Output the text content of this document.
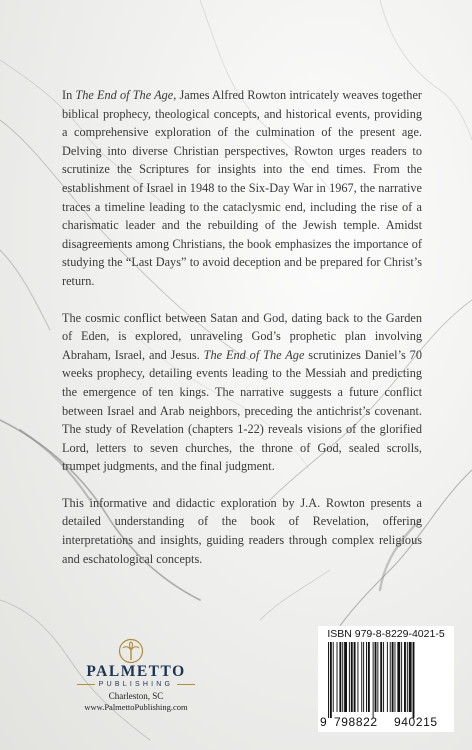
In The End of The Age, James Alfred Rowton intricately weaves together biblical prophecy, theological concepts, and historical events, providing a comprehensive exploration of the culmination of the present age. Delving into diverse Christian perspectives, Rowton urges readers to scrutinize the Scriptures for insights into the end times. From the establishment of Israel in 1948 to the Six-Day War in 1967, the narrative traces a timeline leading to the cataclysmic end, including the rise of a charismatic leader and the rebuilding of the Jewish temple. Amidst disagreements among Christians, the book emphasizes the importance of studying the “Last Days” to avoid deception and be prepared for Christ’s return.

The cosmic conflict between Satan and God, dating back to the Garden of Eden, is explored, unraveling God’s prophetic plan involving Abraham, Israel, and Jesus. The End of The Age scrutinizes Daniel’s 70 weeks prophecy, detailing events leading to the Messiah and predicting the emergence of ten kings. The narrative suggests a future conflict between Israel and Arab neighbors, preceding the antichrist’s covenant. The study of Revelation (chapters 1-22) reveals visions of the glorified Lord, letters to seven churches, the throne of God, sealed scrolls, trumpet judgments, and the final judgment.

This informative and didactic exploration by J.A. Rowton presents a detailed understanding of the book of Revelation, offering interpretations and insights, guiding readers through complex religious and eschatological concepts.

PALMETTO
PUBLISHING
Charleston, SC
www.PalmettoPublishing.com
ISBN 979-8-8229-4021-5
9 798822 940215
